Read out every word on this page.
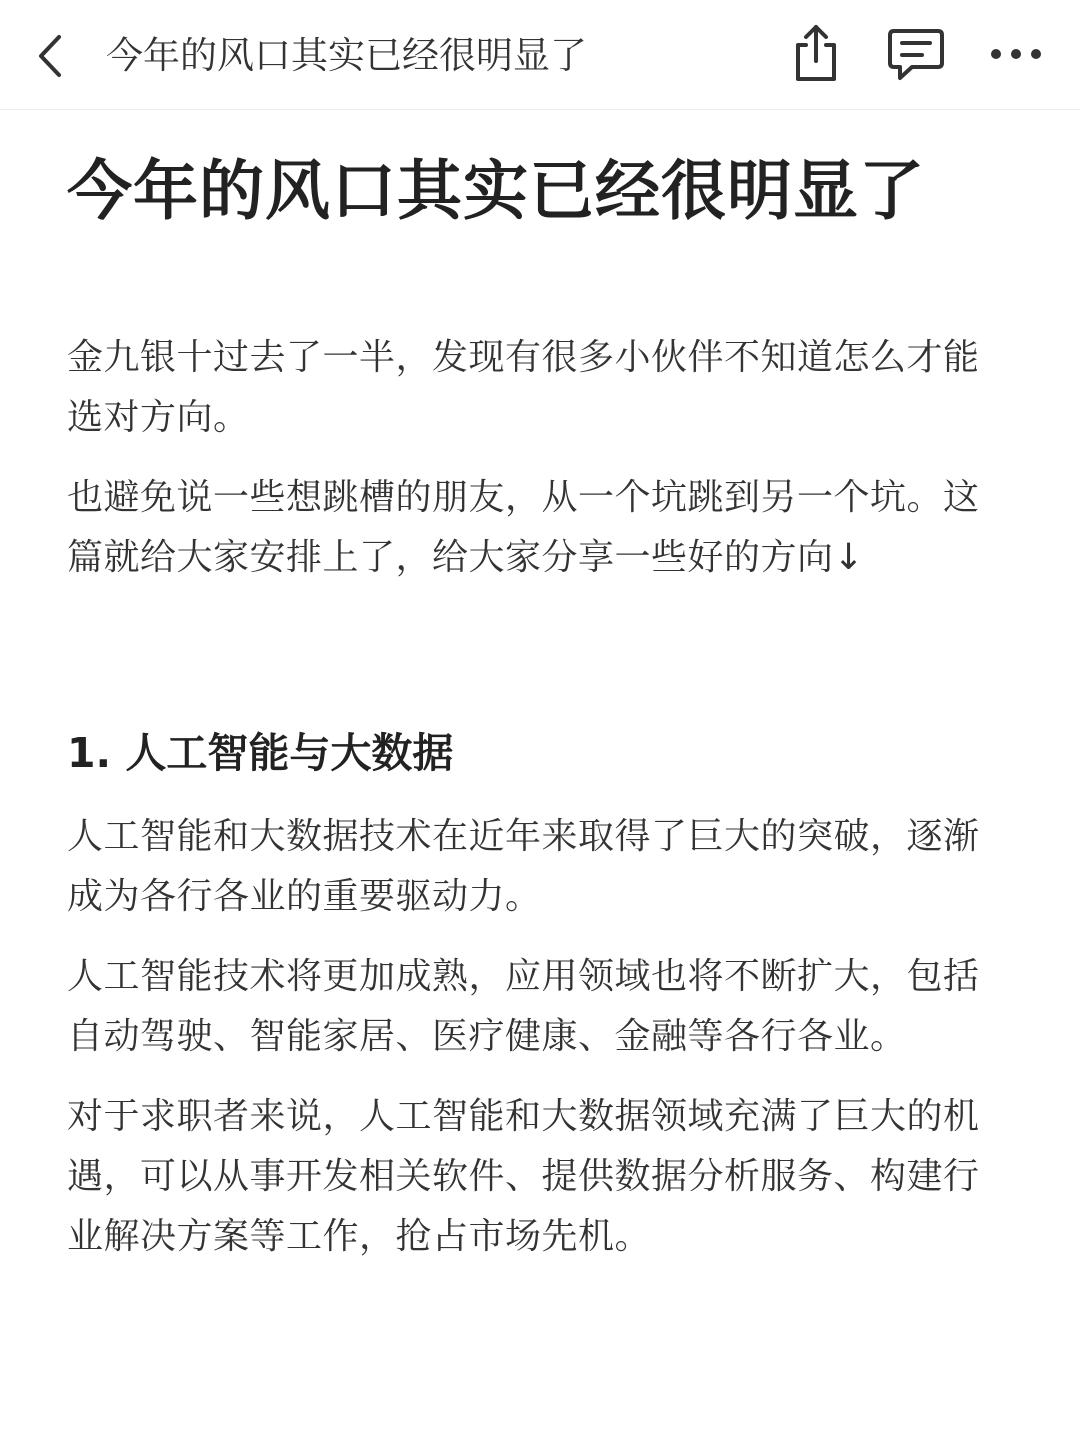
今年的风口其实已经很明显了
今年的风口其实已经很明显了
金九银十过去了一半，发现有很多小伙伴不知道怎么才能选对方向。
也避免说一些想跳槽的朋友，从一个坑跳到另一个坑。这篇就给大家安排上了，给大家分享一些好的方向↓
1. 人工智能与大数据
人工智能和大数据技术在近年来取得了巨大的突破，逐渐成为各行各业的重要驱动力。
人工智能技术将更加成熟，应用领域也将不断扩大，包括自动驾驶、智能家居、医疗健康、金融等各行各业。
对于求职者来说，人工智能和大数据领域充满了巨大的机遇，可以从事开发相关软件、提供数据分析服务、构建行业解决方案等工作，抢占市场先机。
